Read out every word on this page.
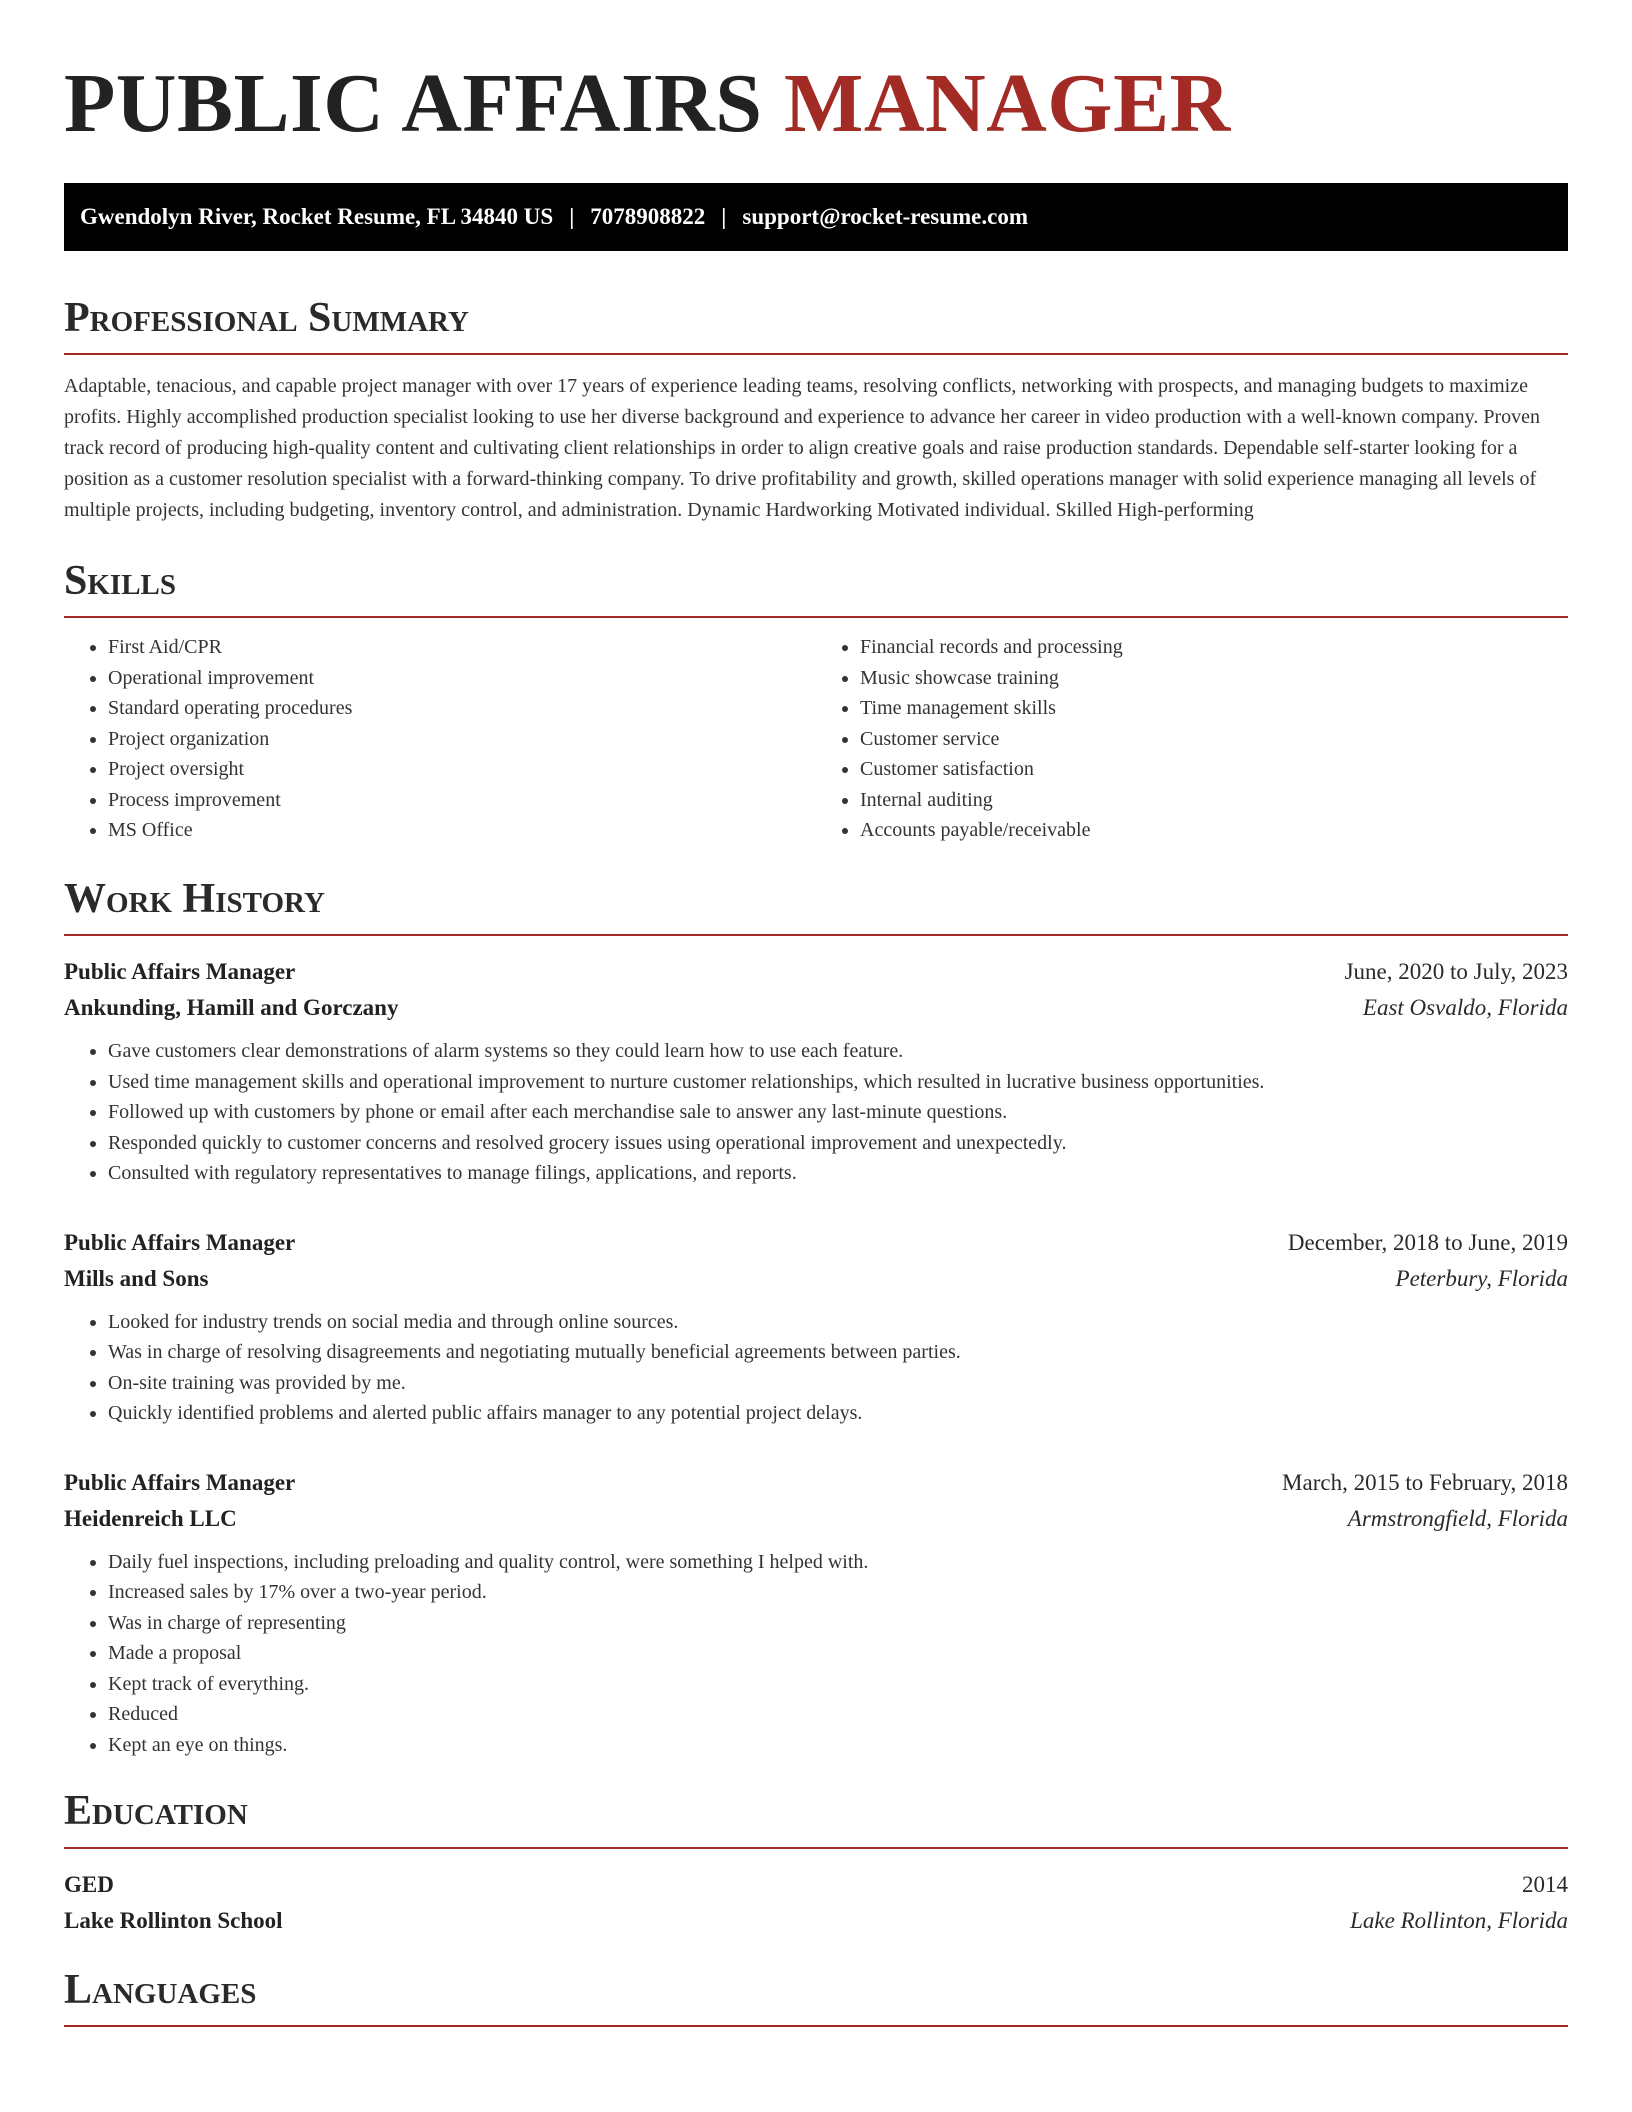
PUBLIC AFFAIRS MANAGER
Gwendolyn River, Rocket Resume, FL 34840 US | 7078908822 | support@rocket-resume.com
Professional Summary

Adaptable, tenacious, and capable project manager with over 17 years of experience leading teams, resolving conflicts, networking with prospects, and managing budgets to maximize profits. Highly accomplished production specialist looking to use her diverse background and experience to advance her career in video production with a well-known company. Proven track record of producing high-quality content and cultivating client relationships in order to align creative goals and raise production standards. Dependable self-starter looking for a position as a customer resolution specialist with a forward-thinking company. To drive profitability and growth, skilled operations manager with solid experience managing all levels of multiple projects, including budgeting, inventory control, and administration. Dynamic Hardworking Motivated individual. Skilled High-performing

Skills
• First Aid/CPR
• Operational improvement
• Standard operating procedures
• Project organization
• Project oversight
• Process improvement
• MS Office
• Financial records and processing
• Music showcase training
• Time management skills
• Customer service
• Customer satisfaction
• Internal auditing
• Accounts payable/receivable
Work History
Public Affairs Manager	June, 2020 to July, 2023
Ankunding, Hamill and Gorczany	East Osvaldo, Florida
• Gave customers clear demonstrations of alarm systems so they could learn how to use each feature.
• Used time management skills and operational improvement to nurture customer relationships, which resulted in lucrative business opportunities.
• Followed up with customers by phone or email after each merchandise sale to answer any last-minute questions.
• Responded quickly to customer concerns and resolved grocery issues using operational improvement and unexpectedly.
• Consulted with regulatory representatives to manage filings, applications, and reports.
Public Affairs Manager	December, 2018 to June, 2019
Mills and Sons	Peterbury, Florida
• Looked for industry trends on social media and through online sources.
• Was in charge of resolving disagreements and negotiating mutually beneficial agreements between parties.
• On-site training was provided by me.
• Quickly identified problems and alerted public affairs manager to any potential project delays.
Public Affairs Manager	March, 2015 to February, 2018
Heidenreich LLC	Armstrongfield, Florida
• Daily fuel inspections, including preloading and quality control, were something I helped with.
• Increased sales by 17% over a two-year period.
• Was in charge of representing
• Made a proposal
• Kept track of everything.
• Reduced
• Kept an eye on things.
Education
GED	2014
Lake Rollinton School	Lake Rollinton, Florida
Languages
